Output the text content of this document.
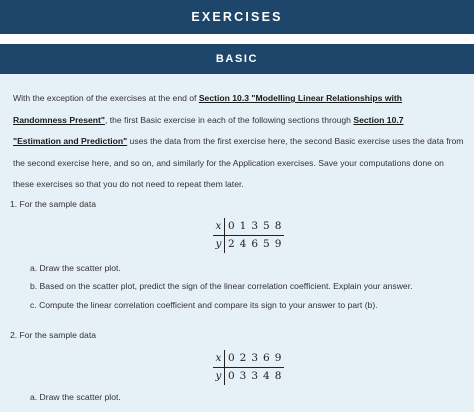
EXERCISES
BASIC
With the exception of the exercises at the end of Section 10.3 "Modelling Linear Relationships with
Randomness Present", the first Basic exercise in each of the following sections through Section 10.7
"Estimation and Prediction" uses the data from the first exercise here, the second Basic exercise uses the data from the second exercise here, and so on, and similarly for the Application exercises. Save your computations done on these exercises so that you do not need to repeat them later.
1. For the sample data
x	0	1	3	5	8
y	2	4	6	5	9
a. Draw the scatter plot.
b. Based on the scatter plot, predict the sign of the linear correlation coefficient. Explain your answer.
c. Compute the linear correlation coefficient and compare its sign to your answer to part (b).
2. For the sample data
x	0	2	3	6	9
y	0	3	3	4	8
a. Draw the scatter plot.
